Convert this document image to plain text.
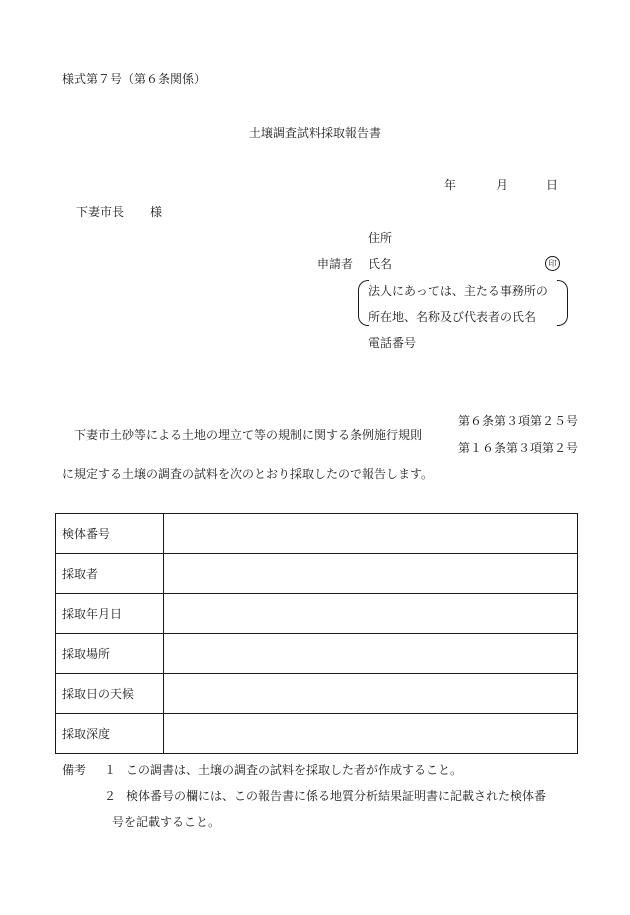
様式第７号（第６条関係）
土壌調査試料採取報告書
年	月	日
下妻市長 様
住所
申請者 氏名	印
法人にあっては、主たる事務所の
所在地、名称及び代表者の氏名
電話番号
下妻市土砂等による土地の埋立て等の規制に関する条例施行規則
第６条第３項第２５号
第１６条第３項第２号
に規定する土壌の調査の試料を次のとおり採取したので報告します。
検体番号	
採取者	
採取年月日	
採取場所	
採取日の天候	
採取深度	
備考 １ この調書は、土壌の調査の試料を採取した者が作成すること。
２ 検体番号の欄には、この報告書に係る地質分析結果証明書に記載された検体番
号を記載すること。
